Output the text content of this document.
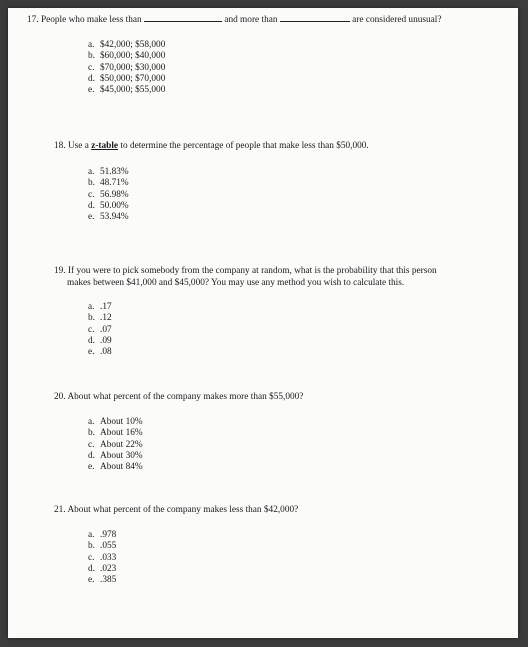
17. People who make less than	and more than	are considered unusual?
a. $42,000; $58,000
b. $60,000; $40,000
c. $70,000; $30,000
d. $50,000; $70,000
e. $45,000; $55,000
18. Use a z-table to determine the percentage of people that make less than $50,000.
a. 51.83%
b. 48.71%
c. 56.98%
d. 50.00%
e. 53.94%
19. If you were to pick somebody from the company at random, what is the probability that this person
makes between $41,000 and $45,000? You may use any method you wish to calculate this.
a. .17
b. .12
c. .07
d. .09
e. .08
20. About what percent of the company makes more than $55,000?
a. About 10%
b. About 16%
c. About 22%
d. About 30%
e. About 84%
21. About what percent of the company makes less than $42,000?
a. .978
b. .055
c. .033
d. .023
e. .385
